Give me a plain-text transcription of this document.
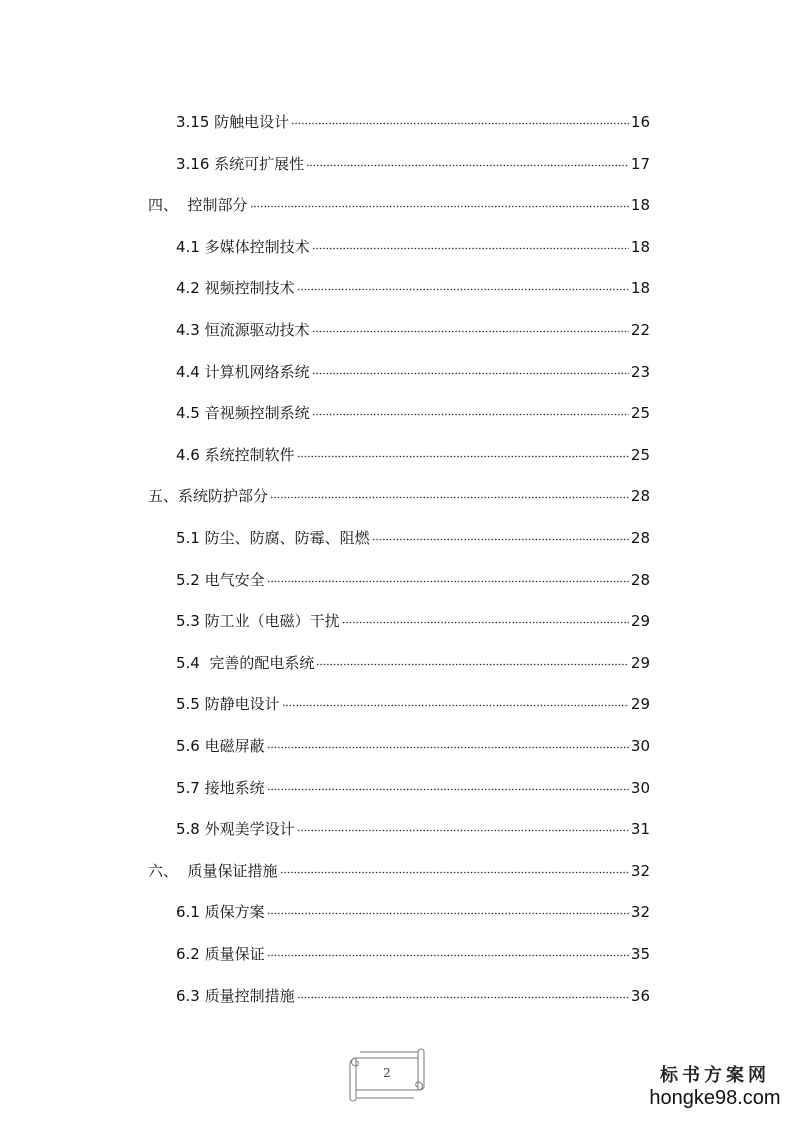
3.15 防触电设计	16
3.16 系统可扩展性	17
四、  控制部分	18
4.1 多媒体控制技术	18
4.2 视频控制技术	18
4.3 恒流源驱动技术	22
4.4 计算机网络系统	23
4.5 音视频控制系统	25
4.6 系统控制软件	25
五、系统防护部分	28
5.1 防尘、防腐、防霉、阻燃	28
5.2 电气安全	28
5.3 防工业（电磁）干扰	29
5.4  完善的配电系统	29
5.5 防静电设计	29
5.6 电磁屏蔽	30
5.7 接地系统	30
5.8 外观美学设计	31
六、  质量保证措施	32
6.1 质保方案	32
6.2 质量保证	35
6.3 质量控制措施	36
2	标书方案网
hongke98.com
